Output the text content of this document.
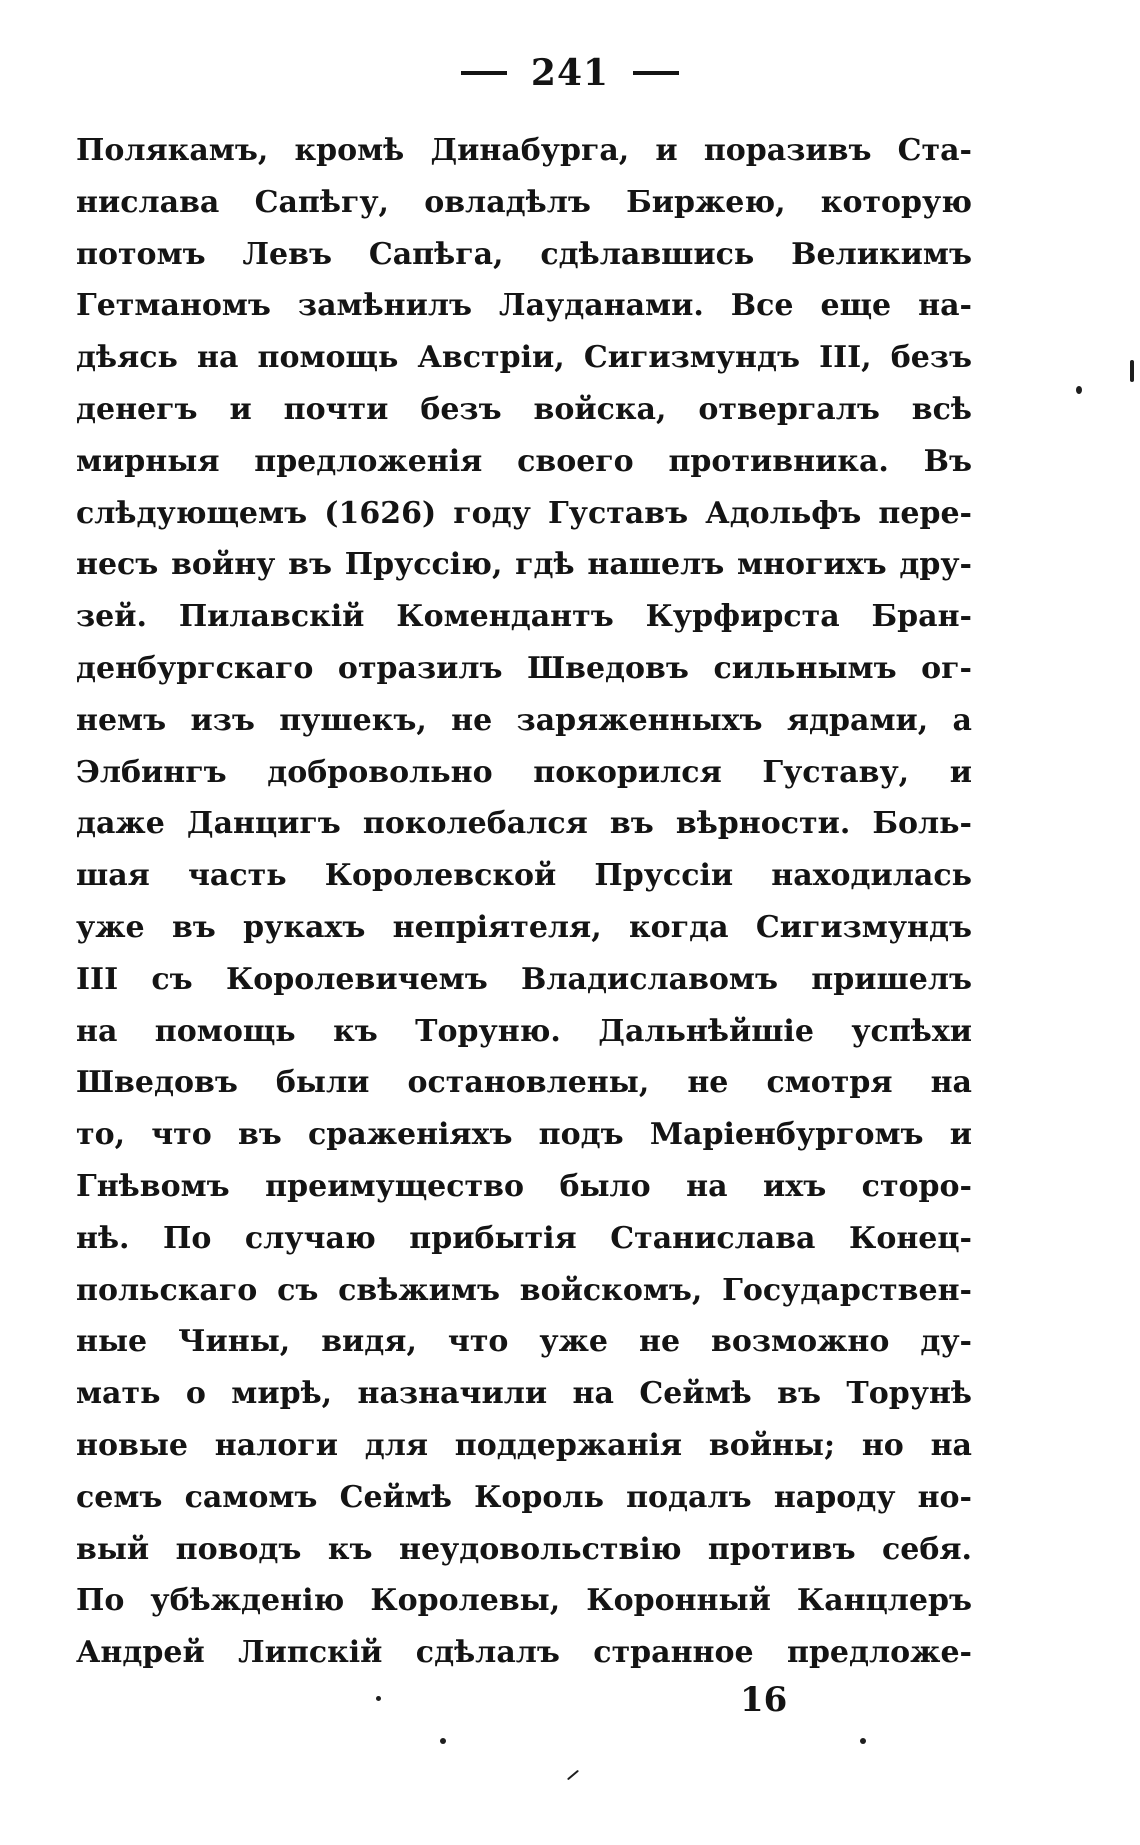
241
Полякамъ, кромѣ Динабурга, и поразивъ Ста-
нислава Сапѣгу, овладѣлъ Биржею, которую
потомъ Левъ Сапѣга, сдѣлавшись Великимъ
Гетманомъ замѣнилъ Лауданами. Все еще на-
дѣясь на помощь Австріи, Сигизмундъ III, безъ
денегъ и почти безъ войска, отвергалъ всѣ
мирныя предложенія своего противника. Въ
слѣдующемъ (1626) году Густавъ Адольфъ пере-
несъ войну въ Пруссію, гдѣ нашелъ многихъ дру-
зей. Пилавскій Комендантъ Курфирста Бран-
денбургскаго отразилъ Шведовъ сильнымъ ог-
немъ изъ пушекъ, не заряженныхъ ядрами, а
Элбингъ добровольно покорился Густаву, и
даже Данцигъ поколебался въ вѣрности. Боль-
шая часть Королевской Пруссіи находилась
уже въ рукахъ непріятеля, когда Сигизмундъ
III съ Королевичемъ Владиславомъ пришелъ
на помощь къ Торуню. Дальнѣйшіе успѣхи
Шведовъ были остановлены, не смотря на
то, что въ сраженіяхъ подъ Маріенбургомъ и
Гнѣвомъ преимущество было на ихъ сторо-
нѣ. По случаю прибытія Станислава Конец-
польскаго съ свѣжимъ войскомъ, Государствен-
ные Чины, видя, что уже не возможно ду-
мать о мирѣ, назначили на Сеймѣ въ Торунѣ
новые налоги для поддержанія войны; но на
семъ самомъ Сеймѣ Король подалъ народу но-
вый поводъ къ неудовольствію противъ себя.
По убѣжденію Королевы, Коронный Канцлеръ
Андрей Липскій сдѣлалъ странное предложе-
16
